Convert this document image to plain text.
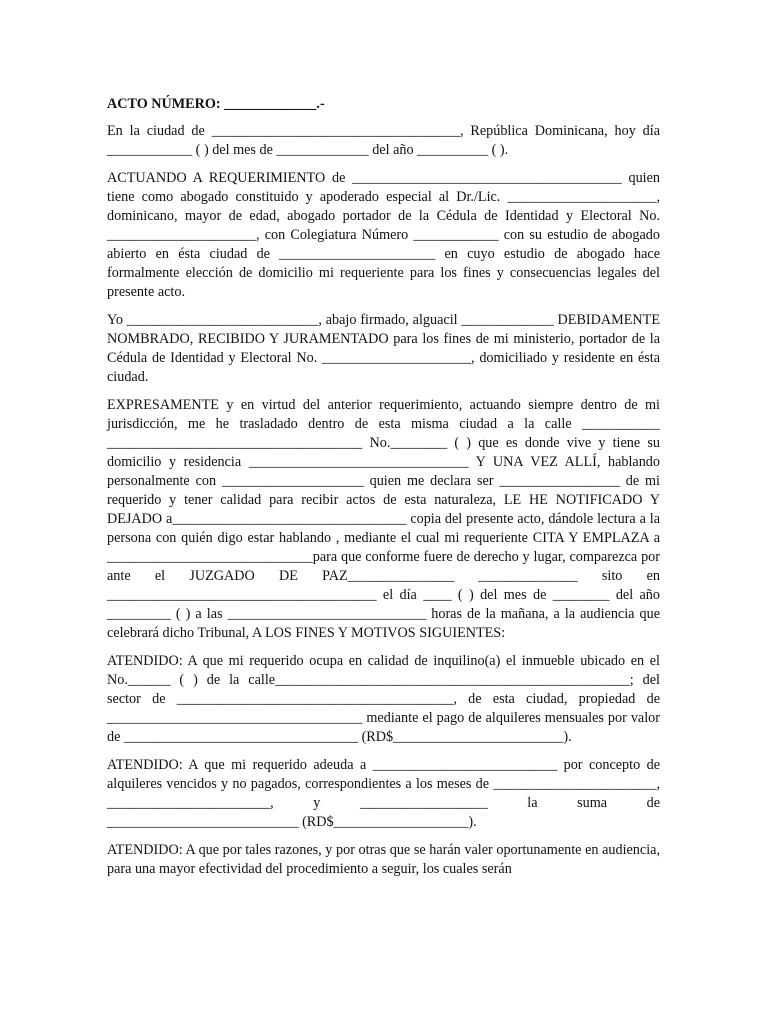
ACTO NÚMERO: _____________.-

En la ciudad de ___________________________________, República Dominicana, hoy día ____________ ( ) del mes de _____________ del año __________ ( ).

ACTUANDO A REQUERIMIENTO de ______________________________________ quien tiene como abogado constituido y apoderado especial al Dr./Lic. _____________________, dominicano, mayor de edad, abogado portador de la Cédula de Identidad y Electoral No. _____________________, con Colegiatura Número ____________ con su estudio de abogado abierto en ésta ciudad de ______________________ en cuyo estudio de abogado hace formalmente elección de domicilio mi requeriente para los fines y consecuencias legales del presente acto.

Yo ___________________________, abajo firmado, alguacil _____________ DEBIDAMENTE NOMBRADO, RECIBIDO Y JURAMENTADO para los fines de mi ministerio, portador de la Cédula de Identidad y Electoral No. _____________________, domiciliado y residente en ésta ciudad.

EXPRESAMENTE y en virtud del anterior requerimiento, actuando siempre dentro de mi jurisdicción, me he trasladado dentro de esta misma ciudad a la calle ___________ ____________________________________ No.________ ( ) que es donde vive y tiene su domicilio y residencia _______________________________ Y UNA VEZ ALLÍ, hablando personalmente con ____________________ quien me declara ser _________________ de mi requerido y tener calidad para recibir actos de esta naturaleza, LE HE NOTIFICADO Y DEJADO a_________________________________ copia del presente acto, dándole lectura a la persona con quién digo estar hablando , mediante el cual mi requeriente CITA Y EMPLAZA a _____________________________para que conforme fuere de derecho y lugar, comparezca por ante el JUZGADO DE PAZ_______________ ______________ sito en ______________________________________ el día ____ ( ) del mes de ________ del año _________ ( ) a las ____________________________ horas de la mañana, a la audiencia que celebrará dicho Tribunal, A LOS FINES Y MOTIVOS SIGUIENTES:

ATENDIDO: A que mi requerido ocupa en calidad de inquilino(a) el inmueble ubicado en el No.______ ( ) de la calle__________________________________________________; del sector de _______________________________________, de esta ciudad, propiedad de ____________________________________ mediante el pago de alquileres mensuales por valor de _________________________________ (RD$________________________).

ATENDIDO: A que mi requerido adeuda a __________________________ por concepto de alquileres vencidos y no pagados, correspondientes a los meses de _______________________, _______________________, y __________________ la suma de ___________________________ (RD$___________________).

ATENDIDO: A que por tales razones, y por otras que se harán valer oportunamente en audiencia, para una mayor efectividad del procedimiento a seguir, los cuales serán
